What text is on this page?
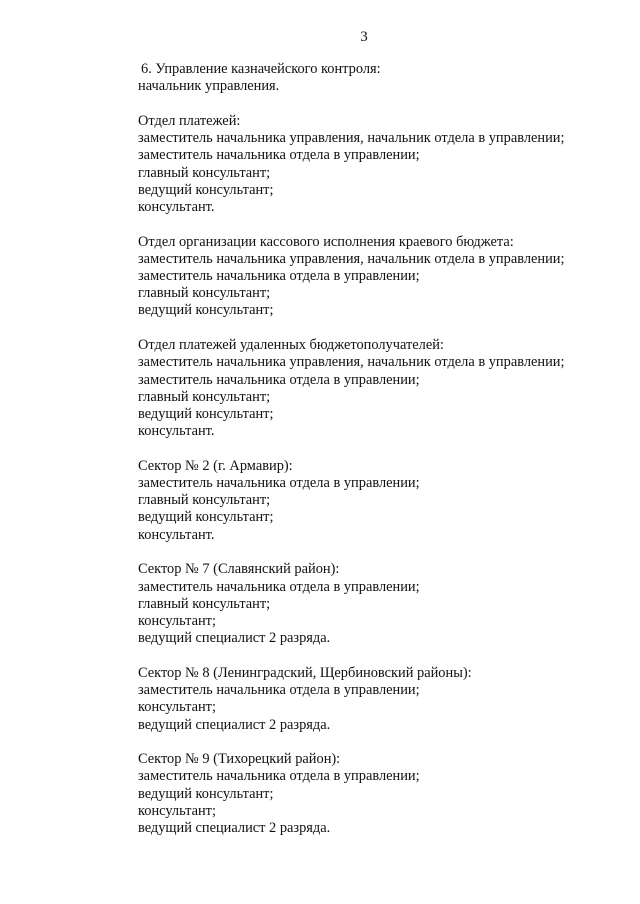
3
6. Управление казначейского контроля:
начальник управления.
Отдел платежей:
заместитель начальника управления, начальник отдела в управлении;
заместитель начальника отдела в управлении;
главный консультант;
ведущий консультант;
консультант.
Отдел организации кассового исполнения краевого бюджета:
заместитель начальника управления, начальник отдела в управлении;
заместитель начальника отдела в управлении;
главный консультант;
ведущий консультант;
Отдел платежей удаленных бюджетополучателей:
заместитель начальника управления, начальник отдела в управлении;
заместитель начальника отдела в управлении;
главный консультант;
ведущий консультант;
консультант.
Сектор № 2 (г. Армавир):
заместитель начальника отдела в управлении;
главный консультант;
ведущий консультант;
консультант.
Сектор № 7 (Славянский район):
заместитель начальника отдела в управлении;
главный консультант;
консультант;
ведущий специалист 2 разряда.
Сектор № 8 (Ленинградский, Щербиновский районы):
заместитель начальника отдела в управлении;
консультант;
ведущий специалист 2 разряда.
Сектор № 9 (Тихорецкий район):
заместитель начальника отдела в управлении;
ведущий консультант;
консультант;
ведущий специалист 2 разряда.
